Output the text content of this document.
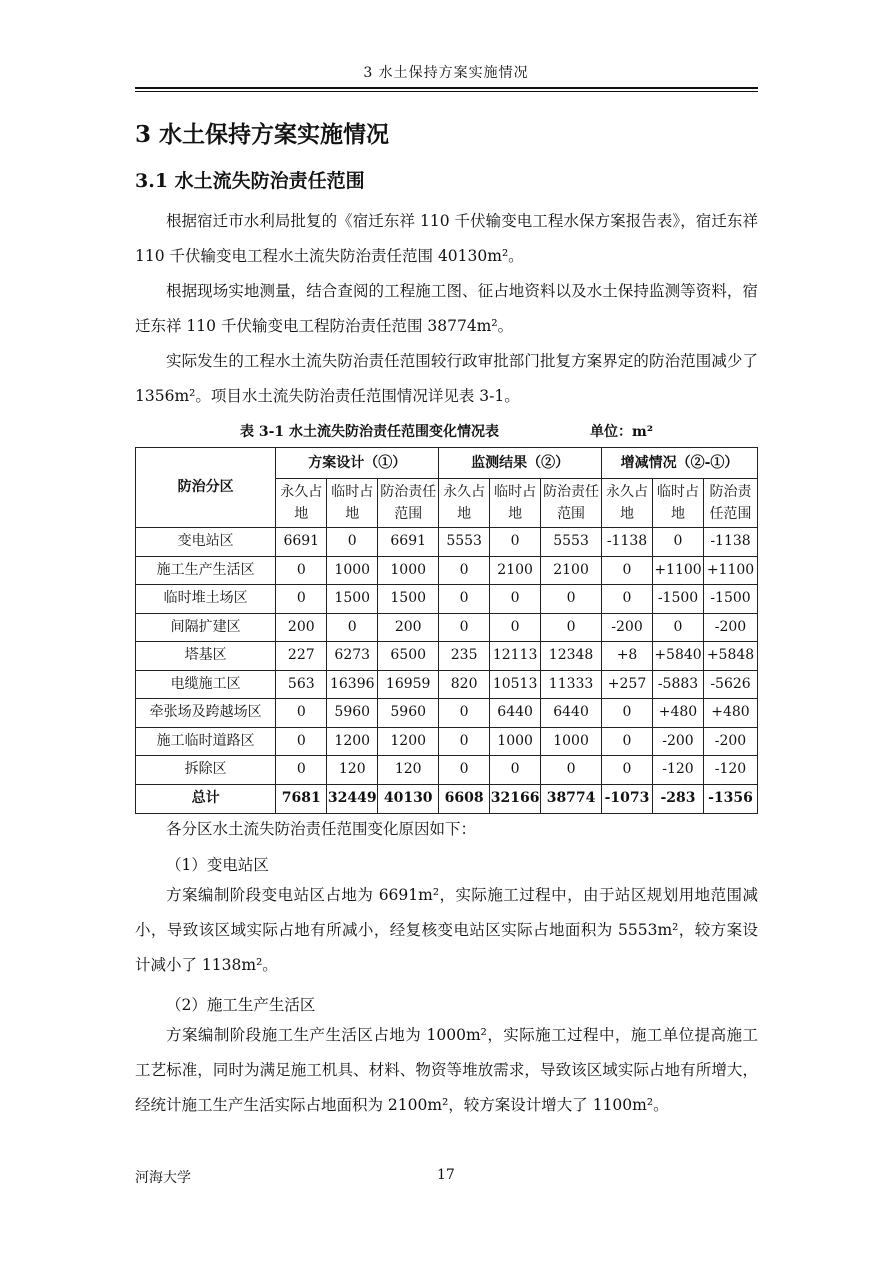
3 水土保持方案实施情况
3 水土保持方案实施情况
3.1 水土流失防治责任范围

根据宿迁市水利局批复的《宿迁东祥 110 千伏输变电工程水保方案报告表》，宿迁东祥 110 千伏输变电工程水土流失防治责任范围 40130m²。

根据现场实地测量，结合查阅的工程施工图、征占地资料以及水土保持监测等资料，宿迁东祥 110 千伏输变电工程防治责任范围 38774m²。

实际发生的工程水土流失防治责任范围较行政审批部门批复方案界定的防治范围减少了 1356m²。项目水土流失防治责任范围情况详见表 3-1。

表 3-1 水土流失防治责任范围变化情况表	单位：m²
防治分区	方案设计（①）			监测结果（②）			增减情况（②-①）		
	永久占地	临时占地	防治责任范围	永久占地	临时占地	防治责任范围	永久占地	临时占地	防治责任范围
变电站区	6691	0	6691	5553	0	5553	-1138	0	-1138
施工生产生活区	0	1000	1000	0	2100	2100	0	+1100	+1100
临时堆土场区	0	1500	1500	0	0	0	0	-1500	-1500
间隔扩建区	200	0	200	0	0	0	-200	0	-200
塔基区	227	6273	6500	235	12113	12348	+8	+5840	+5848
电缆施工区	563	16396	16959	820	10513	11333	+257	-5883	-5626
牵张场及跨越场区	0	5960	5960	0	6440	6440	0	+480	+480
施工临时道路区	0	1200	1200	0	1000	1000	0	-200	-200
拆除区	0	120	120	0	0	0	0	-120	-120
总计	7681	32449	40130	6608	32166	38774	-1073	-283	-1356

各分区水土流失防治责任范围变化原因如下：

（1）变电站区

方案编制阶段变电站区占地为 6691m²，实际施工过程中，由于站区规划用地范围减小，导致该区域实际占地有所减小，经复核变电站区实际占地面积为 5553m²，较方案设计减小了 1138m²。

（2）施工生产生活区

方案编制阶段施工生产生活区占地为 1000m²，实际施工过程中，施工单位提高施工工艺标准，同时为满足施工机具、材料、物资等堆放需求，导致该区域实际占地有所增大，经统计施工生产生活实际占地面积为 2100m²，较方案设计增大了 1100m²。

河海大学	17
